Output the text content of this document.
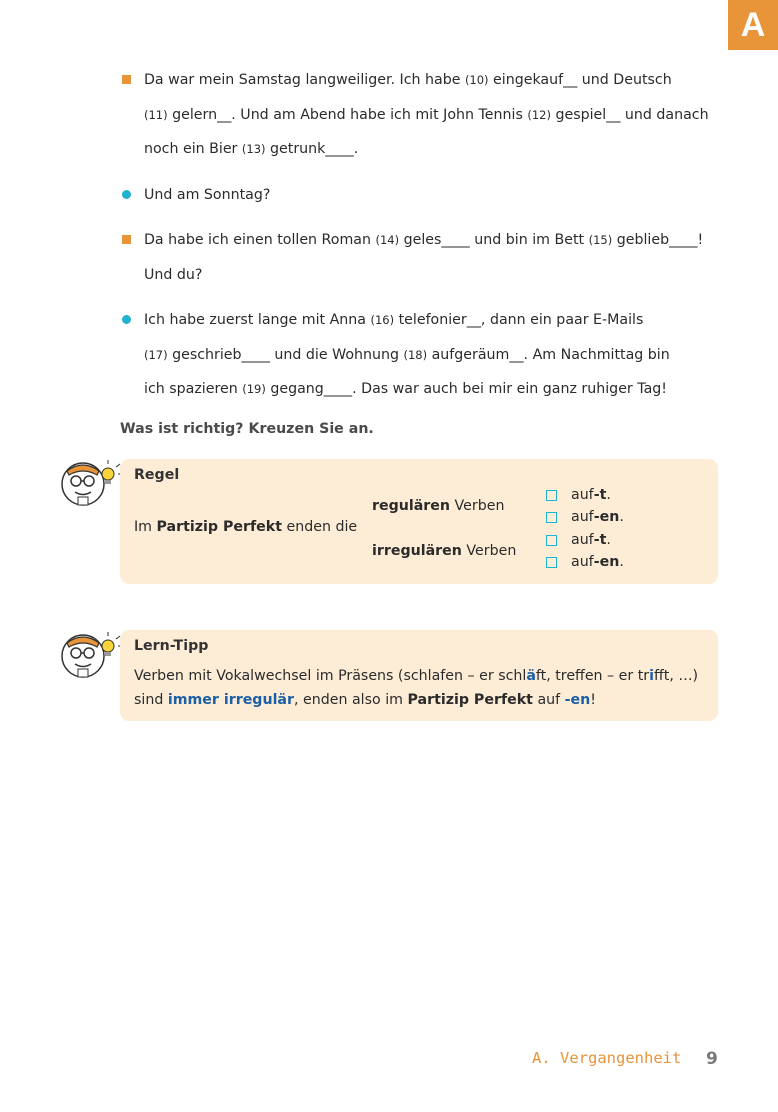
A
Da war mein Samstag langweiliger. Ich habe (10) eingekauf__ und Deutsch
(11) gelern__. Und am Abend habe ich mit John Tennis (12) gespiel__ und danach
noch ein Bier (13) getrunk____.
Und am Sonntag?
Da habe ich einen tollen Roman (14) geles____ und bin im Bett (15) geblieb____!
Und du?
Ich habe zuerst lange mit Anna (16) telefonier__, dann ein paar E-Mails
(17) geschrieb____ und die Wohnung (18) aufgeräum__. Am Nachmittag bin
ich spazieren (19) gegang____. Das war auch bei mir ein ganz ruhiger Tag!
Was ist richtig? Kreuzen Sie an.
Regel
Im Partizip Perfekt enden die
regulären Verben
irregulären Verben
auf -t .
auf -en .
auf -t .
auf -en .
Lern-Tipp
Verben mit Vokalwechsel im Präsens (schlafen – er schläft, treffen – er trifft, …)
sind immer irregulär, enden also im Partizip Perfekt auf -en!
A. Vergangenheit 9
